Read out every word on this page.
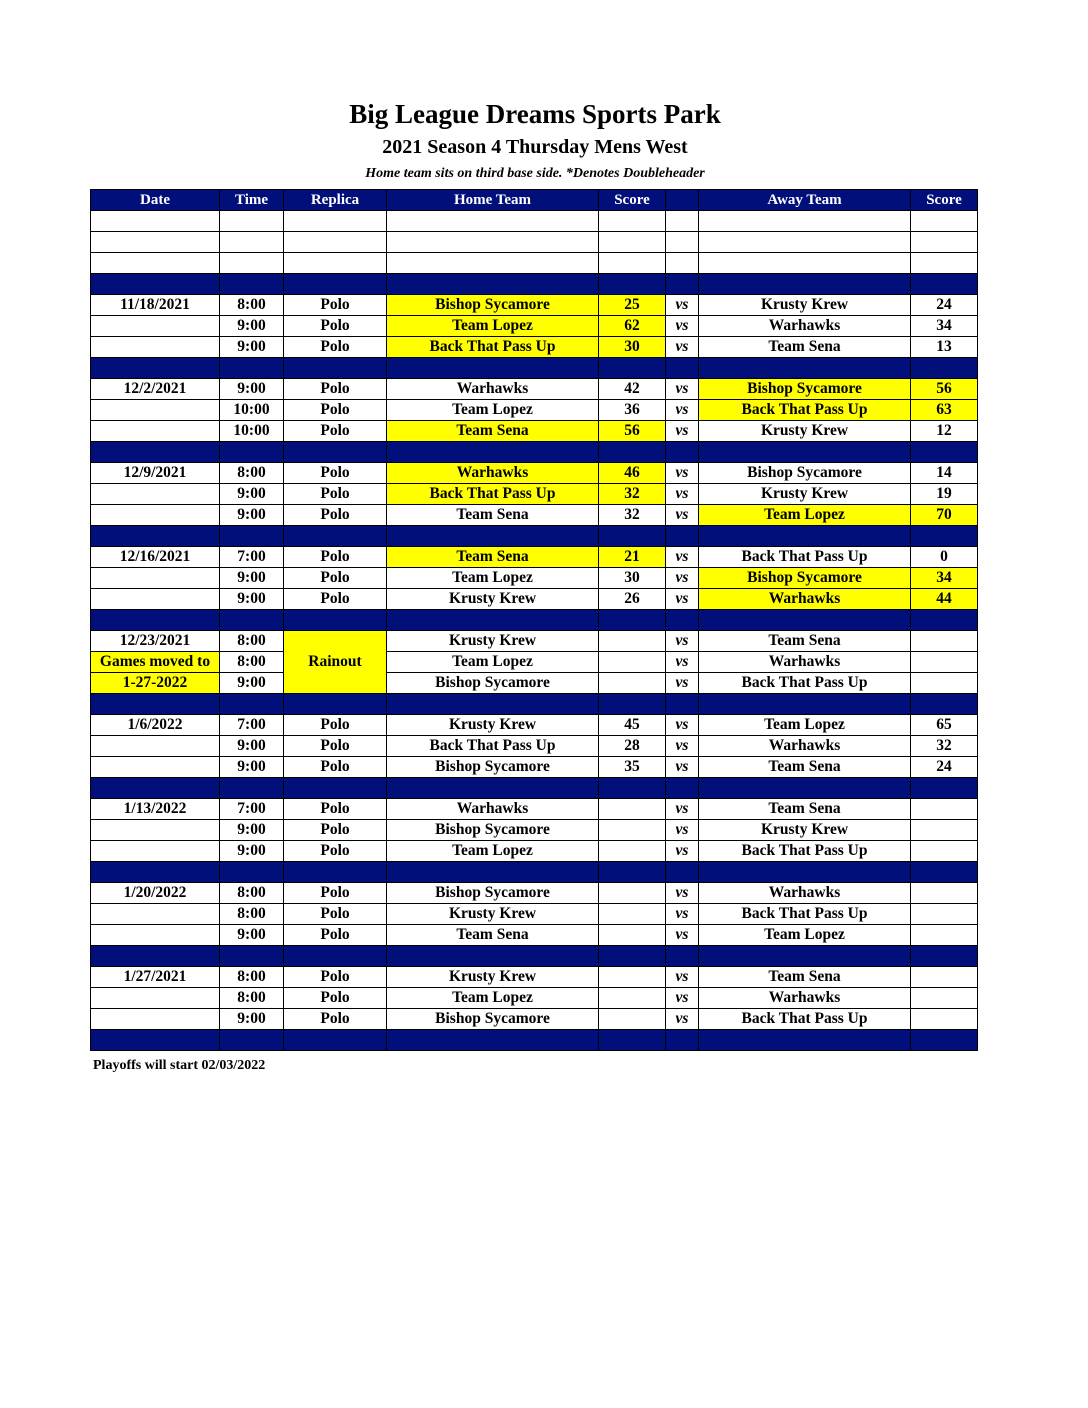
Big League Dreams Sports Park
2021 Season 4 Thursday Mens West
Home team sits on third base side. *Denotes Doubleheader
Date	Time	Replica	Home Team	Score		Away Team	Score

11/18/2021	8:00	Polo	Bishop Sycamore	25	vs	Krusty Krew	24
	9:00	Polo	Team Lopez	62	vs	Warhawks	34
	9:00	Polo	Back That Pass Up	30	vs	Team Sena	13

12/2/2021	9:00	Polo	Warhawks	42	vs	Bishop Sycamore	56
	10:00	Polo	Team Lopez	36	vs	Back That Pass Up	63
	10:00	Polo	Team Sena	56	vs	Krusty Krew	12

12/9/2021	8:00	Polo	Warhawks	46	vs	Bishop Sycamore	14
	9:00	Polo	Back That Pass Up	32	vs	Krusty Krew	19
	9:00	Polo	Team Sena	32	vs	Team Lopez	70

12/16/2021	7:00	Polo	Team Sena	21	vs	Back That Pass Up	0
	9:00	Polo	Team Lopez	30	vs	Bishop Sycamore	34
	9:00	Polo	Krusty Krew	26	vs	Warhawks	44

12/23/2021	8:00	Rainout	Krusty Krew		vs	Team Sena	
Games moved to	8:00		Team Lopez		vs	Warhawks	
1-27-2022	9:00		Bishop Sycamore		vs	Back That Pass Up	

1/6/2022	7:00	Polo	Krusty Krew	45	vs	Team Lopez	65
	9:00	Polo	Back That Pass Up	28	vs	Warhawks	32
	9:00	Polo	Bishop Sycamore	35	vs	Team Sena	24

1/13/2022	7:00	Polo	Warhawks		vs	Team Sena	
	9:00	Polo	Bishop Sycamore		vs	Krusty Krew	
	9:00	Polo	Team Lopez		vs	Back That Pass Up	

1/20/2022	8:00	Polo	Bishop Sycamore		vs	Warhawks	
	8:00	Polo	Krusty Krew		vs	Back That Pass Up	
	9:00	Polo	Team Sena		vs	Team Lopez	

1/27/2021	8:00	Polo	Krusty Krew		vs	Team Sena	
	8:00	Polo	Team Lopez		vs	Warhawks	
	9:00	Polo	Bishop Sycamore		vs	Back That Pass Up	

Playoffs will start 02/03/2022
